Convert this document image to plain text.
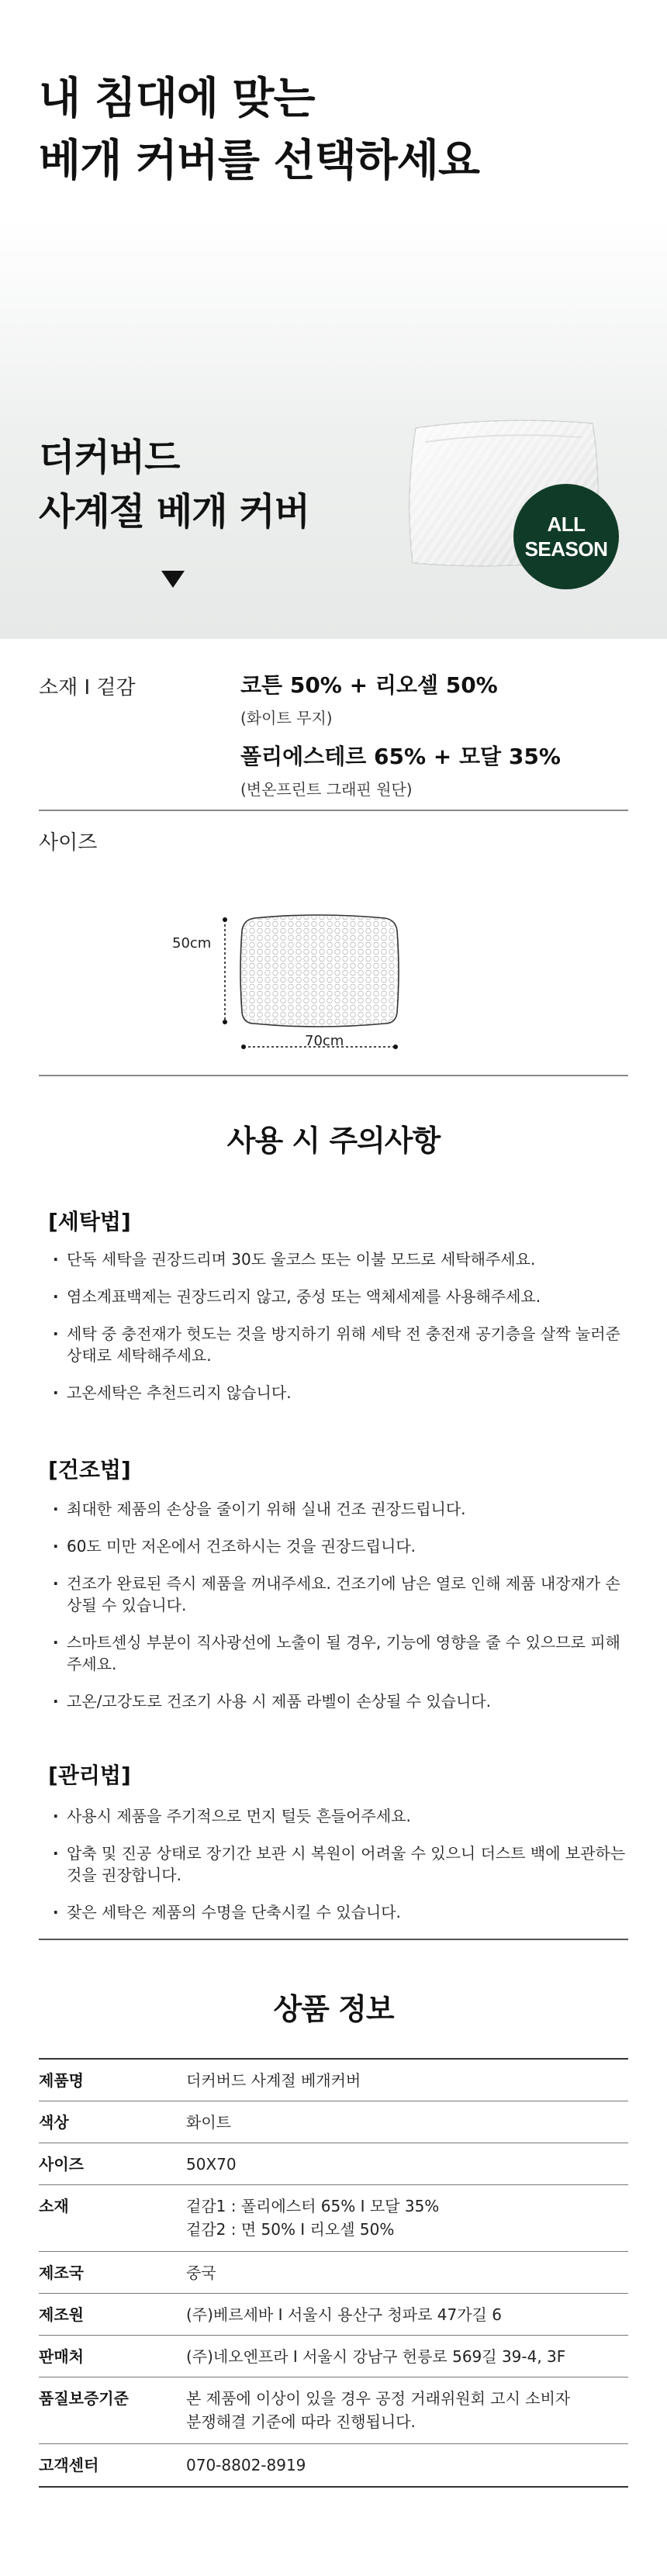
내 침대에 맞는
베개 커버를 선택하세요
더커버드
사계절 베개 커버	ALL
SEASON
소재 I 겉감	코튼 50% + 리오셀 50%
(화이트 무지)
폴리에스테르 65% + 모달 35%
(변온프린트 그래핀 원단)
사이즈
50cm
70cm
사용 시 주의사항
[세탁법]
· 단독 세탁을 권장드리며 30도 울코스 또는 이불 모드로 세탁해주세요.
· 염소계표백제는 권장드리지 않고, 중성 또는 액체세제를 사용해주세요.
· 세탁 중 충전재가 헛도는 것을 방지하기 위해 세탁 전 충전재 공기층을 살짝 눌러준 상태로 세탁해주세요.
· 고온세탁은 추천드리지 않습니다.
[건조법]
· 최대한 제품의 손상을 줄이기 위해 실내 건조 권장드립니다.
· 60도 미만 저온에서 건조하시는 것을 권장드립니다.
· 건조가 완료된 즉시 제품을 꺼내주세요. 건조기에 남은 열로 인해 제품 내장재가 손상될 수 있습니다.
· 스마트센싱 부분이 직사광선에 노출이 될 경우, 기능에 영향을 줄 수 있으므로 피해주세요.
· 고온/고강도로 건조기 사용 시 제품 라벨이 손상될 수 있습니다.
[관리법]
· 사용시 제품을 주기적으로 먼지 털듯 흔들어주세요.
· 압축 및 진공 상태로 장기간 보관 시 복원이 어려울 수 있으니 더스트 백에 보관하는 것을 권장합니다.
· 잦은 세탁은 제품의 수명을 단축시킬 수 있습니다.
상품 정보
제품명	더커버드 사계절 베개커버
색상	화이트
사이즈	50X70
소재	겉감1 : 폴리에스터 65% I 모달 35%
겉감2 : 면 50% I 리오셀 50%

제조국	중국
제조원	(주)베르세바 I 서울시 용산구 청파로 47가길 6
판매처	(주)네오엔프라 I 서울시 강남구 헌릉로 569길 39-4, 3F
품질보증기준	본 제품에 이상이 있을 경우 공정 거래위원회 고시 소비자
분쟁해결 기준에 따라 진행됩니다.

고객센터	070-8802-8919
